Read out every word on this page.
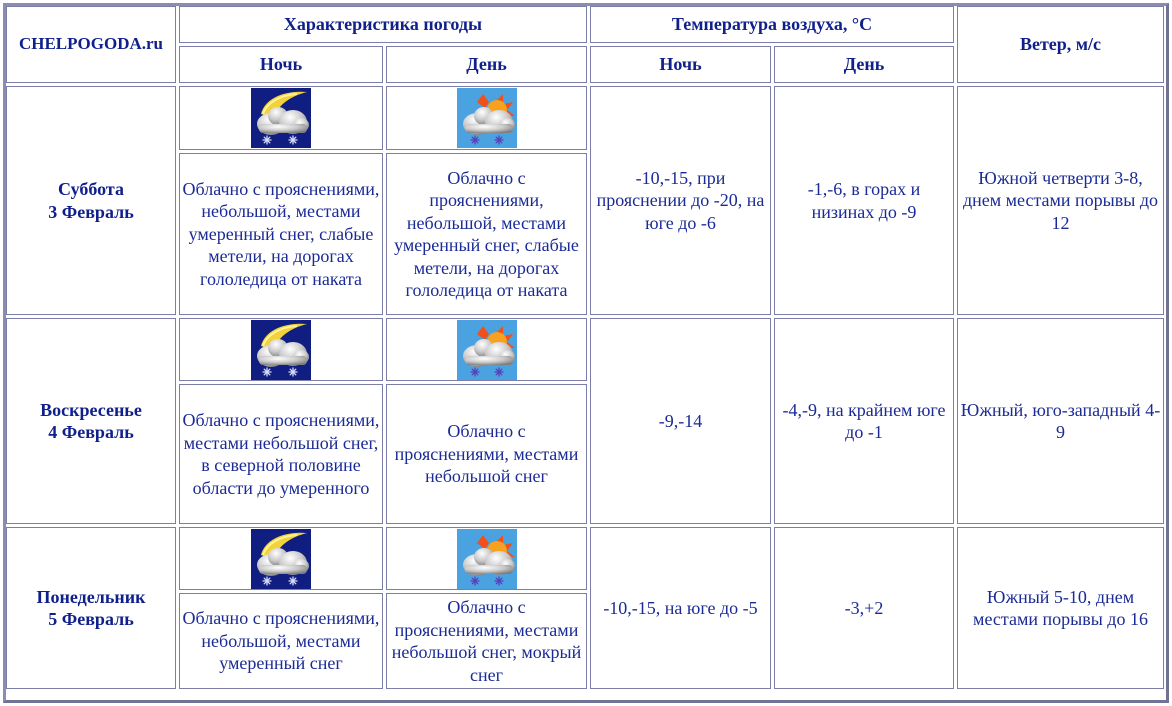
CHELPOGODA.ru	Характеристика погоды		Температура воздуха, °С		Ветер, м/с
	Ночь	День	Ночь	День	
Суббота
3 Февраль			-10,-15, при прояснении до -20, на юге до -6	-1,-6, в горах и низинах до -9	Южной четверти 3-8, днем местами порывы до 12
	Облачно с прояснениями, небольшой, местами умеренный снег, слабые метели, на дорогах гололедица от наката	Облачно с прояснениями, небольшой, местами умеренный снег, слабые метели, на дорогах гололедица от наката			
Воскресенье
4 Февраль			-9,-14	-4,-9, на крайнем юге до -1	Южный, юго-западный 4-9
	Облачно с прояснениями, местами небольшой снег, в северной половине области до умеренного	Облачно с прояснениями, местами небольшой снег			
Понедельник
5 Февраль			-10,-15, на юге до -5	-3,+2	Южный 5-10, днем местами порывы до 16
	Облачно с прояснениями, небольшой, местами умеренный снег	Облачно с прояснениями, местами небольшой снег, мокрый снег			
